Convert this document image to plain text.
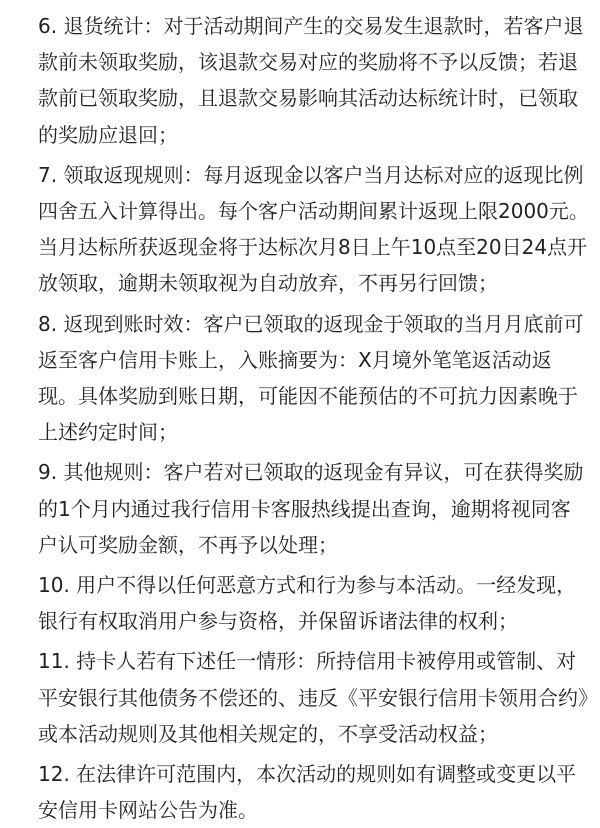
6. 退货统计：对于活动期间产生的交易发生退款时，若客户退款前未领取奖励，该退款交易对应的奖励将不予以反馈；若退款前已领取奖励，且退款交易影响其活动达标统计时，已领取的奖励应退回；

7. 领取返现规则：每月返现金以客户当月达标对应的返现比例四舍五入计算得出。每个客户活动期间累计返现上限2000元。当月达标所获返现金将于达标次月8日上午10点至20日24点开放领取，逾期未领取视为自动放弃，不再另行回馈；

8. 返现到账时效：客户已领取的返现金于领取的当月月底前可返至客户信用卡账上，入账摘要为：X月境外笔笔返活动返现。具体奖励到账日期，可能因不能预估的不可抗力因素晚于上述约定时间；

9. 其他规则：客户若对已领取的返现金有异议，可在获得奖励的1个月内通过我行信用卡客服热线提出查询，逾期将视同客户认可奖励金额，不再予以处理；

10. 用户不得以任何恶意方式和行为参与本活动。一经发现，银行有权取消用户参与资格，并保留诉诸法律的权利；

11. 持卡人若有下述任一情形：所持信用卡被停用或管制、对平安银行其他债务不偿还的、违反《平安银行信用卡领用合约》或本活动规则及其他相关规定的，不享受活动权益；

12. 在法律许可范围内，本次活动的规则如有调整或变更以平安信用卡网站公告为准。
